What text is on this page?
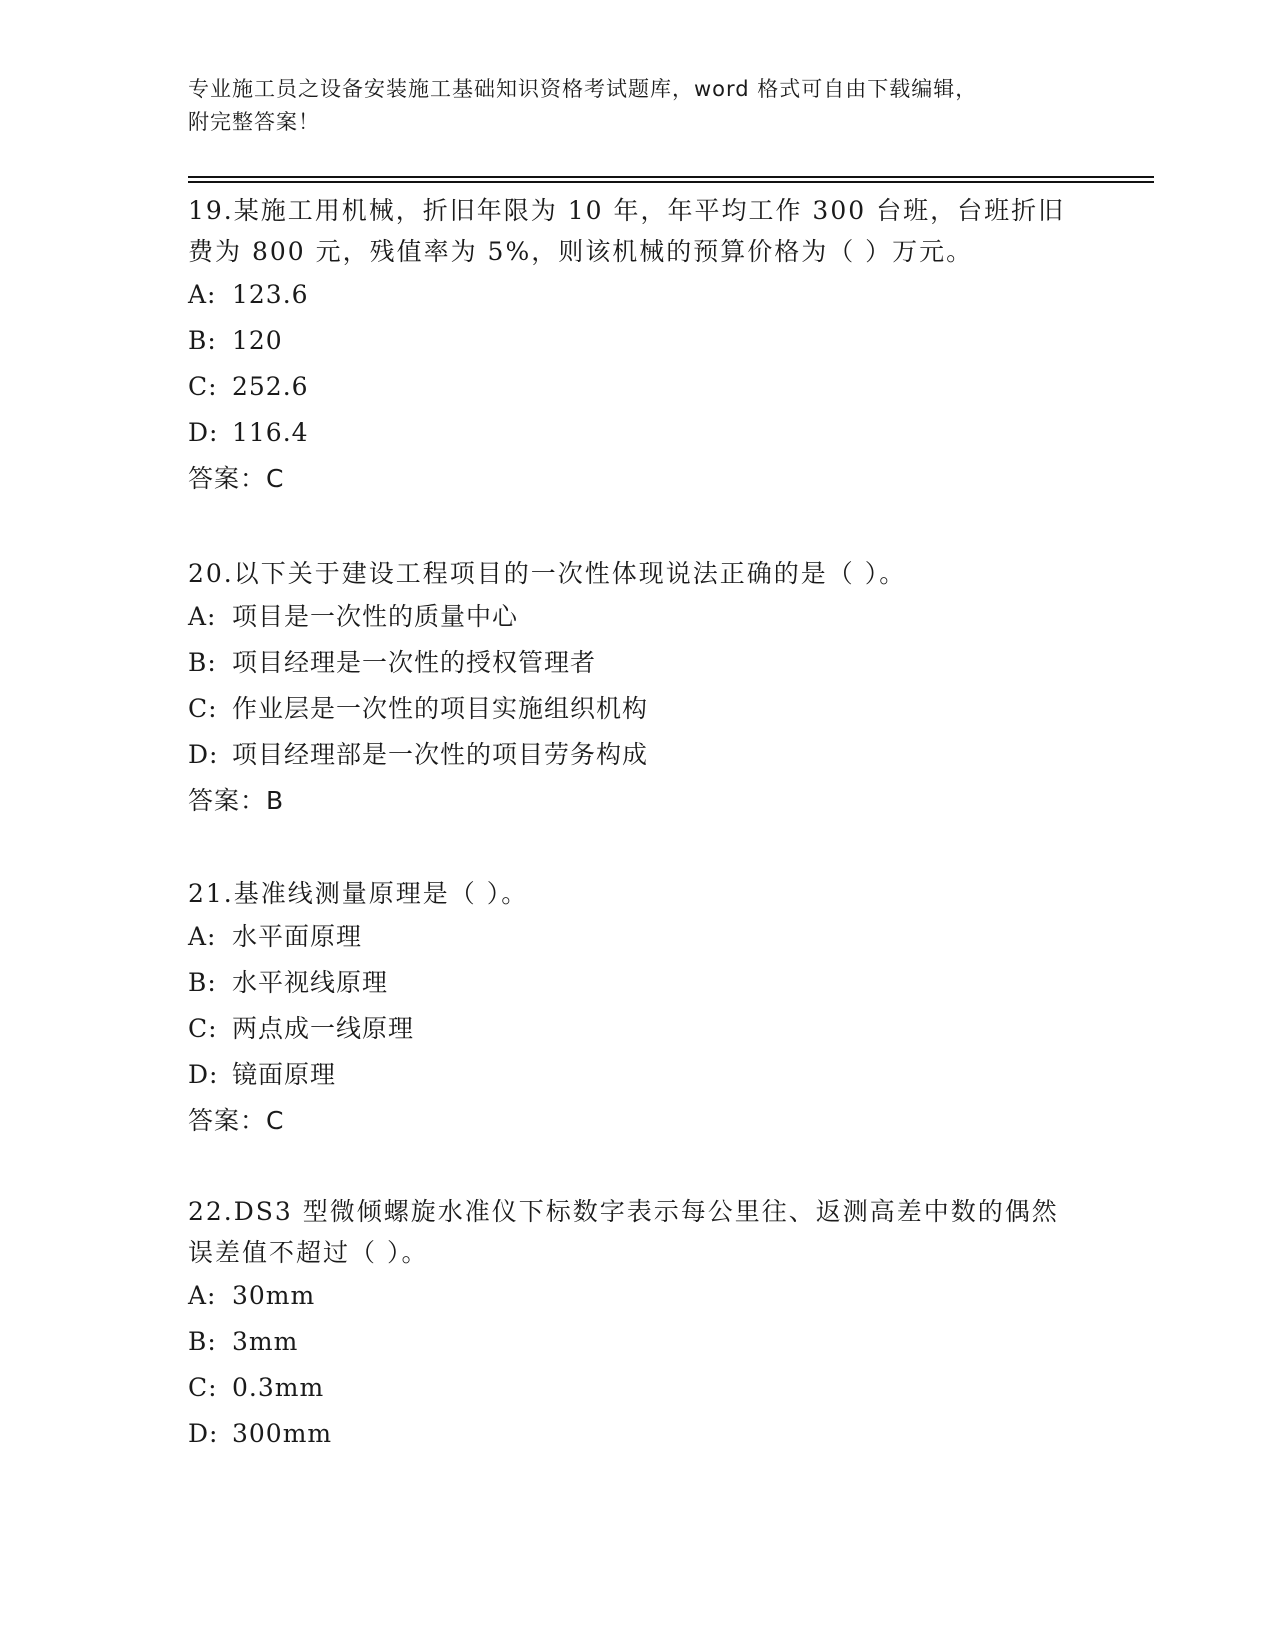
专业施工员之设备安装施工基础知识资格考试题库，word 格式可自由下载编辑，
附完整答案！

19.某施工用机械，折旧年限为 10 年，年平均工作 300 台班，台班折旧费为 800 元，残值率为 5%，则该机械的预算价格为（ ）万元。

A: 123.6
B: 120
C: 252.6
D: 116.4
答案：C

20.以下关于建设工程项目的一次性体现说法正确的是（ ）。

A: 项目是一次性的质量中心
B: 项目经理是一次性的授权管理者
C: 作业层是一次性的项目实施组织机构
D: 项目经理部是一次性的项目劳务构成
答案：B

21.基准线测量原理是（ ）。

A: 水平面原理
B: 水平视线原理
C: 两点成一线原理
D: 镜面原理
答案：C

22.DS3 型微倾螺旋水准仪下标数字表示每公里往、返测高差中数的偶然误差值不超过（ ）。

A: 30mm
B: 3mm
C: 0.3mm
D: 300mm
